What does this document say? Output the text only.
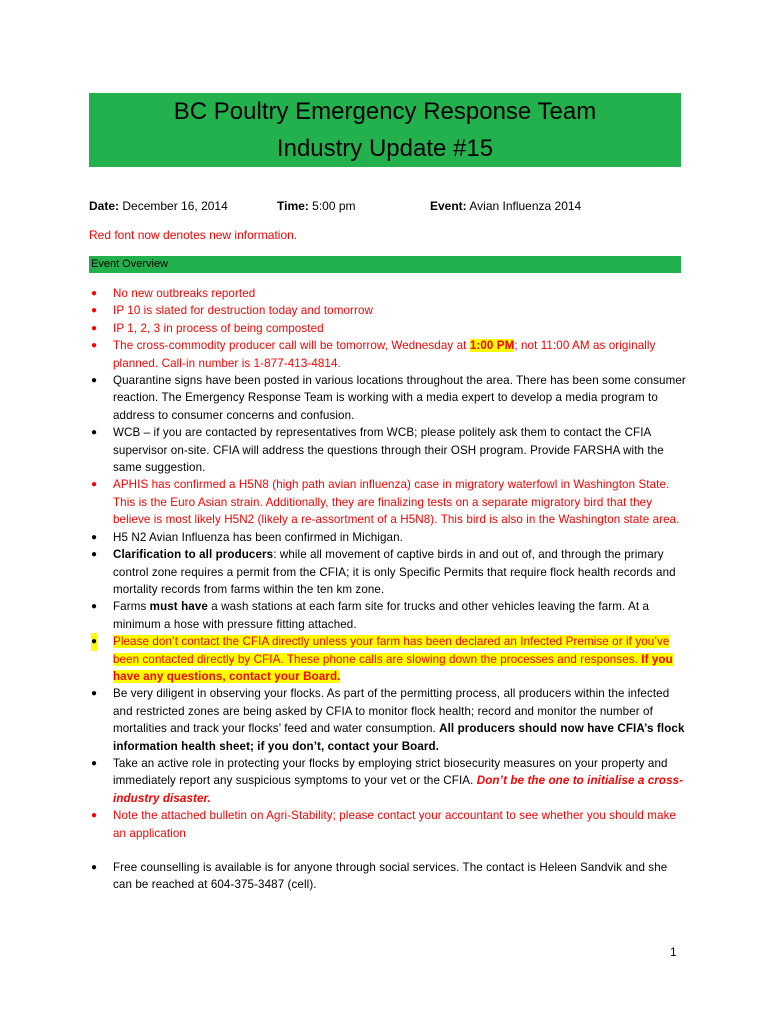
BC Poultry Emergency Response Team
Industry Update #15
Date: December 16, 2014	Time: 5:00 pm	Event: Avian Influenza 2014
Red font now denotes new information.
Event Overview
● No new outbreaks reported
● IP 10 is slated for destruction today and tomorrow
● IP 1, 2, 3 in process of being composted
● The cross-commodity producer call will be tomorrow, Wednesday at 1:00 PM; not 11:00 AM as originally planned. Call-in number is 1-877-413-4814.
● Quarantine signs have been posted in various locations throughout the area. There has been some consumer reaction. The Emergency Response Team is working with a media expert to develop a media program to address to consumer concerns and confusion.
● WCB – if you are contacted by representatives from WCB; please politely ask them to contact the CFIA supervisor on-site. CFIA will address the questions through their OSH program. Provide FARSHA with the same suggestion.
● APHIS has confirmed a H5N8 (high path avian influenza) case in migratory waterfowl in Washington State. This is the Euro Asian strain. Additionally, they are finalizing tests on a separate migratory bird that they believe is most likely H5N2 (likely a re-assortment of a H5N8). This bird is also in the Washington state area.
● H5 N2 Avian Influenza has been confirmed in Michigan.
● Clarification to all producers: while all movement of captive birds in and out of, and through the primary control zone requires a permit from the CFIA; it is only Specific Permits that require flock health records and mortality records from farms within the ten km zone.
● Farms must have a wash stations at each farm site for trucks and other vehicles leaving the farm. At a minimum a hose with pressure fitting attached.
● Please don’t contact the CFIA directly unless your farm has been declared an Infected Premise or if you’ve been contacted directly by CFIA. These phone calls are slowing down the processes and responses. If you have any questions, contact your Board.
● Be very diligent in observing your flocks. As part of the permitting process, all producers within the infected and restricted zones are being asked by CFIA to monitor flock health; record and monitor the number of mortalities and track your flocks’ feed and water consumption. All producers should now have CFIA’s flock information health sheet; if you don’t, contact your Board.
● Take an active role in protecting your flocks by employing strict biosecurity measures on your property and immediately report any suspicious symptoms to your vet or the CFIA. Don’t be the one to initialise a cross-industry disaster.
● Note the attached bulletin on Agri-Stability; please contact your accountant to see whether you should make an application
● Free counselling is available is for anyone through social services. The contact is Heleen Sandvik and she can be reached at 604-375-3487 (cell).
1
